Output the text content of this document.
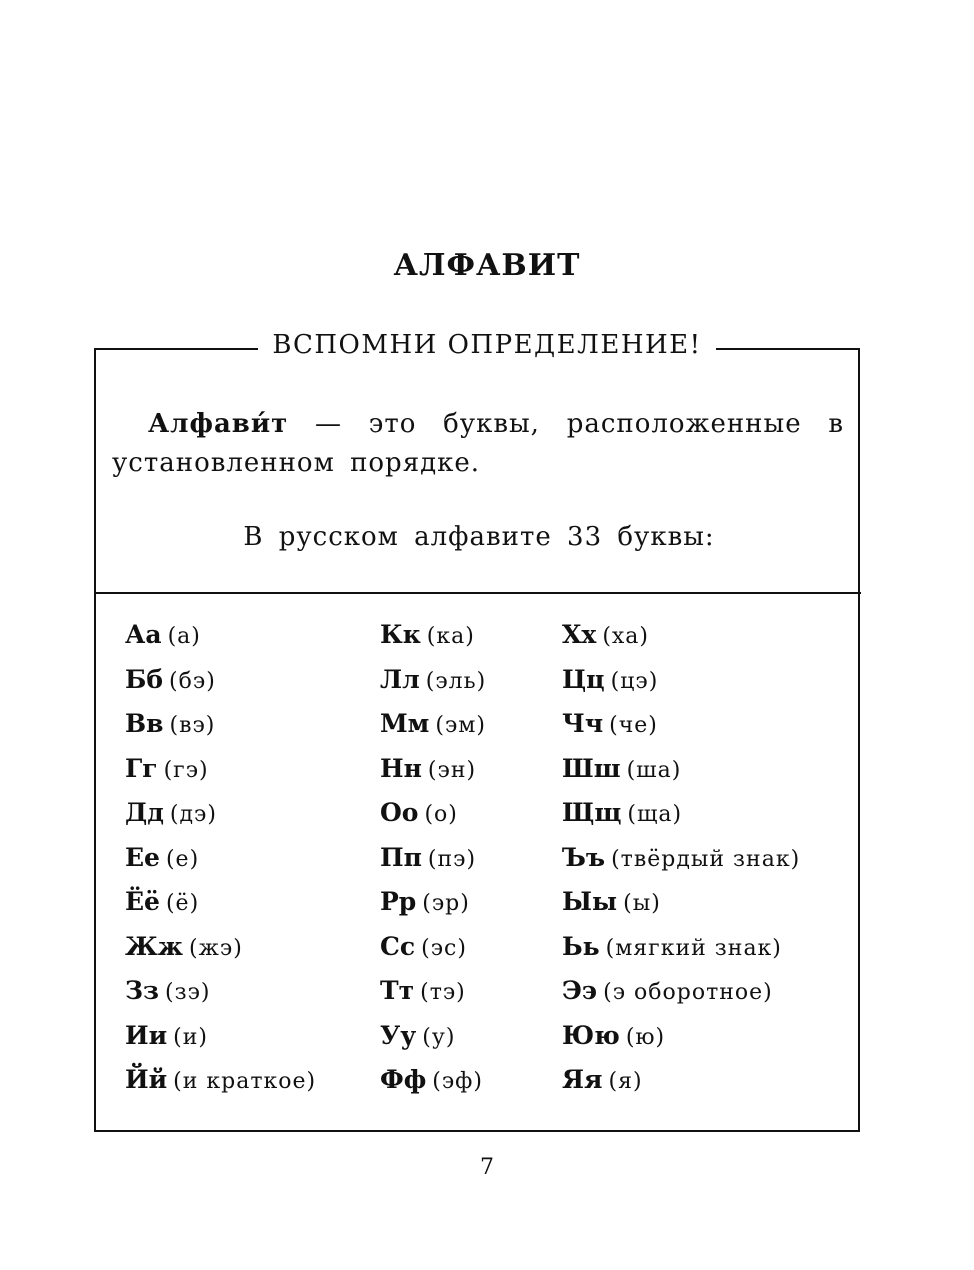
АЛФАВИТ
ВСПОМНИ ОПРЕДЕЛЕНИЕ!

Алфави́т — это буквы, расположенные в установленном порядке.

В русском алфавите 33 буквы:

Аа (а)
Бб (бэ)
Вв (вэ)
Гг (гэ)
Дд (дэ)
Ее (е)
Ёё (ё)
Жж (жэ)
Зз (зэ)
Ии (и)
Йй (и краткое)
Кк (ка)
Лл (эль)
Мм (эм)
Нн (эн)
Оо (о)
Пп (пэ)
Рр (эр)
Сс (эс)
Тт (тэ)
Уу (у)
Фф (эф)
Хх (ха)
Цц (цэ)
Чч (че)
Шш (ша)
Щщ (ща)
Ъъ (твёрдый знак)
Ыы (ы)
Ьь (мягкий знак)
Ээ (э оборотное)
Юю (ю)
Яя (я)
7
